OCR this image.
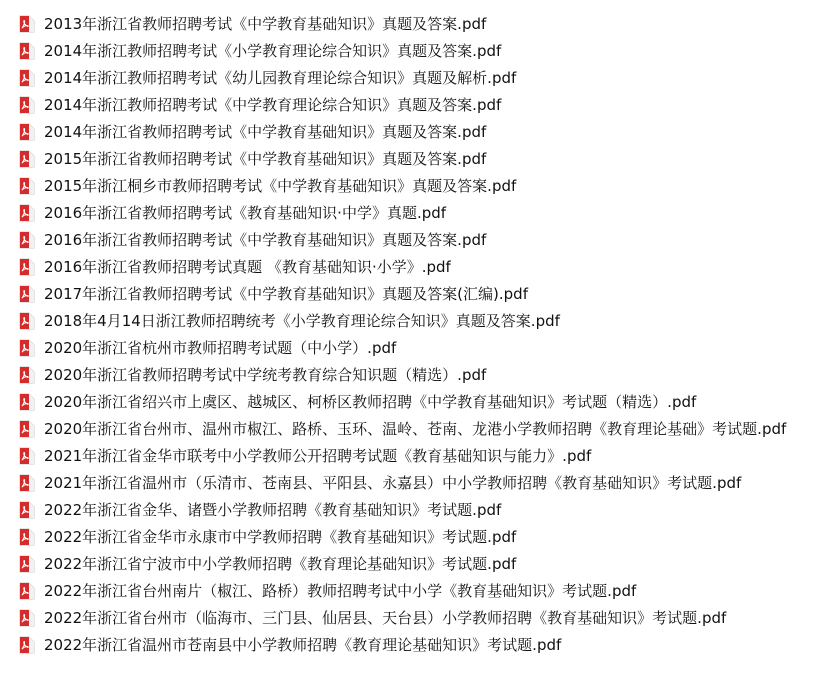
2013年浙江省教师招聘考试《中学教育基础知识》真题及答案.pdf
2014年浙江教师招聘考试《小学教育理论综合知识》真题及答案.pdf
2014年浙江教师招聘考试《幼儿园教育理论综合知识》真题及解析.pdf
2014年浙江教师招聘考试《中学教育理论综合知识》真题及答案.pdf
2014年浙江省教师招聘考试《中学教育基础知识》真题及答案.pdf
2015年浙江省教师招聘考试《中学教育基础知识》真题及答案.pdf
2015年浙江桐乡市教师招聘考试《中学教育基础知识》真题及答案.pdf
2016年浙江省教师招聘考试《教育基础知识·中学》真题.pdf
2016年浙江省教师招聘考试《中学教育基础知识》真题及答案.pdf
2016年浙江省教师招聘考试真题 《教育基础知识·小学》.pdf
2017年浙江省教师招聘考试《中学教育基础知识》真题及答案(汇编).pdf
2018年4月14日浙江教师招聘统考《小学教育理论综合知识》真题及答案.pdf
2020年浙江省杭州市教师招聘考试题（中小学）.pdf
2020年浙江省教师招聘考试中学统考教育综合知识题（精选）.pdf
2020年浙江省绍兴市上虞区、越城区、柯桥区教师招聘《中学教育基础知识》考试题（精选）.pdf
2020年浙江省台州市、温州市椒江、路桥、玉环、温岭、苍南、龙港小学教师招聘《教育理论基础》考试题.pdf
2021年浙江省金华市联考中小学教师公开招聘考试题《教育基础知识与能力》.pdf
2021年浙江省温州市（乐清市、苍南县、平阳县、永嘉县）中小学教师招聘《教育基础知识》考试题.pdf
2022年浙江省金华、诸暨小学教师招聘《教育基础知识》考试题.pdf
2022年浙江省金华市永康市中学教师招聘《教育基础知识》考试题.pdf
2022年浙江省宁波市中小学教师招聘《教育理论基础知识》考试题.pdf
2022年浙江省台州南片（椒江、路桥）教师招聘考试中小学《教育基础知识》考试题.pdf
2022年浙江省台州市（临海市、三门县、仙居县、天台县）小学教师招聘《教育基础知识》考试题.pdf
2022年浙江省温州市苍南县中小学教师招聘《教育理论基础知识》考试题.pdf
